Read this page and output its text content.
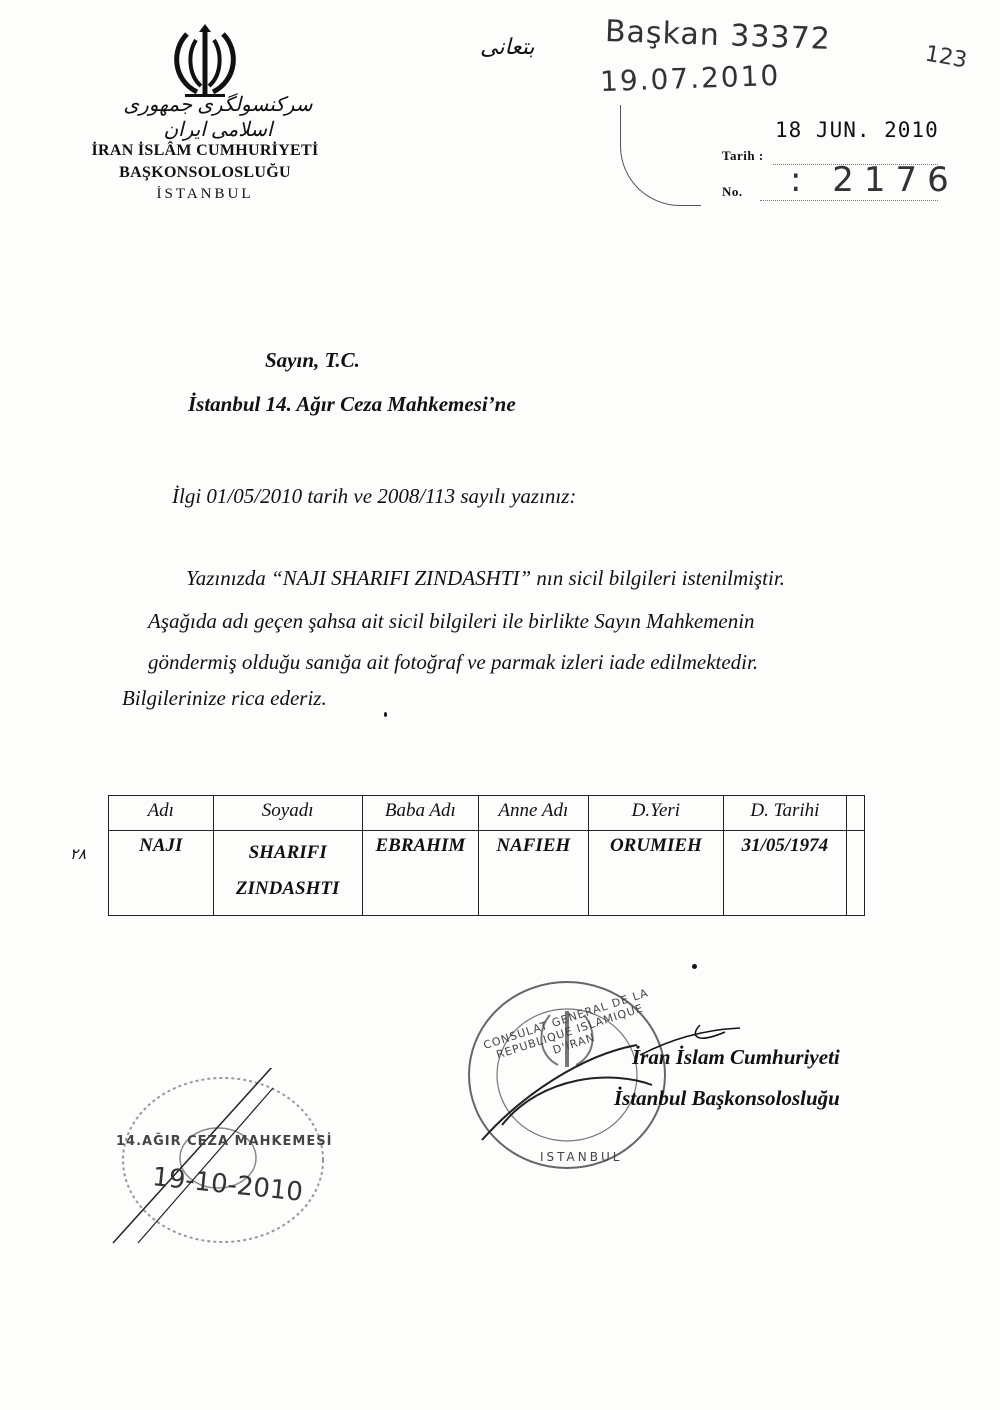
سرکنسولگری جمهوری اسلامی ایران
İRAN İSLÂM CUMHURİYETİ
BAŞKONSOLOSLUĞU
İSTANBUL
بتعانی Başkan 33372
19.07.2010
123
Tarih :
18 JUN. 2010
No. : 2176
Sayın, T.C.
İstanbul 14. Ağır Ceza Mahkemesi’ne
İlgi 01/05/2010 tarih ve 2008/113 sayılı yazınız:
Yazınızda “NAJI SHARIFI ZINDASHTI” nın sicil bilgileri istenilmiştir.
Aşağıda adı geçen şahsa ait sicil bilgileri ile birlikte Sayın Mahkemenin
göndermiş olduğu sanığa ait fotoğraf ve parmak izleri iade edilmektedir.
Bilgilerinize rica ederiz.
۲۸
Adı	Soyadı	Baba Adı	Anne Adı	D.Yeri	D. Tarihi	
NAJI	SHARIFI ZINDASHTI	EBRAHIM	NAFIEH	ORUMIEH	31/05/1974	
CONSULAT GENERAL DE LA REPUBLIQUE ISLAMIQUE D'IRAN
ISTANBUL
İran İslam Cumhuriyeti
İstanbul Başkonsolosluğu
14.AĞIR CEZA MAHKEMESİ
19-10-2010
